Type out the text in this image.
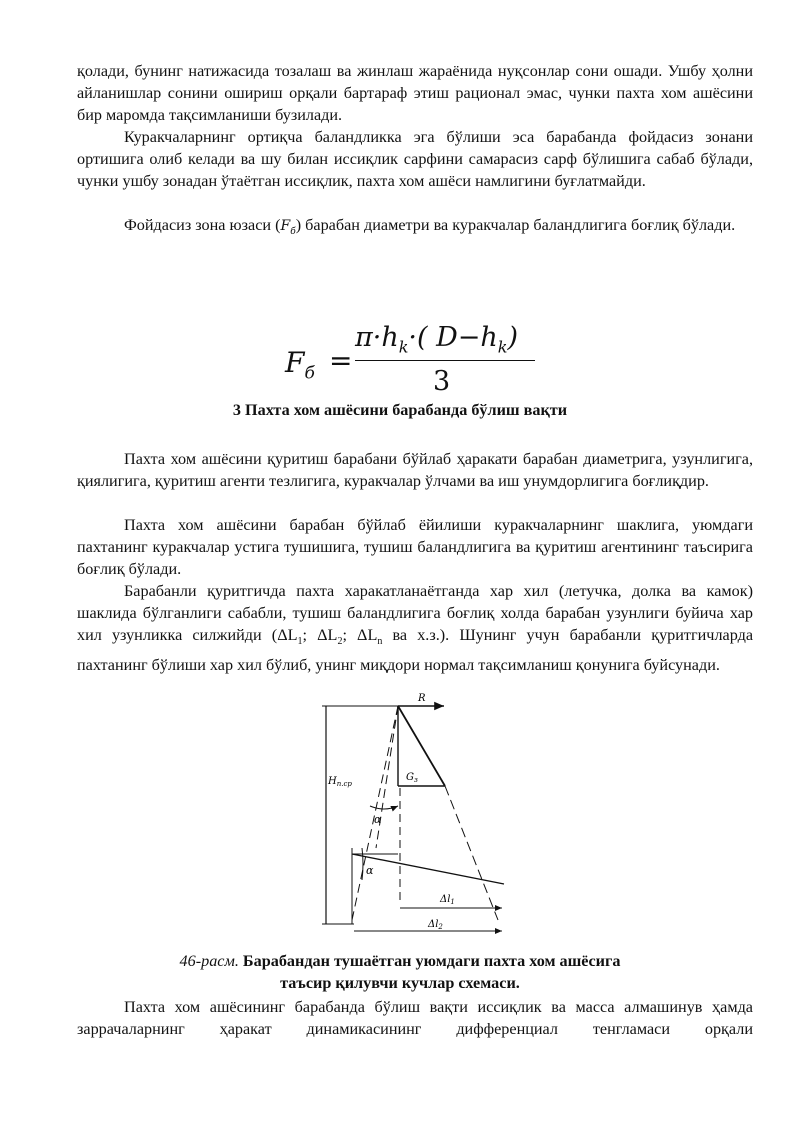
қолади, бунинг натижасида тозалаш ва жинлаш жараёнида нуқсонлар сони ошади. Ушбу ҳолни айланишлар сонини ошириш орқали бартараф этиш рационал эмас, чунки пахта хом ашёсини бир маромда тақсимланиши бузилади.

Куракчаларнинг ортиқча баландликка эга бўлиши эса барабанда фойдасиз зонани ортишига олиб келади ва шу билан иссиқлик сарфини самарасиз сарф бўлишига сабаб бўлади, чунки ушбу зонадан ўтаётган иссиқлик, пахта хом ашёси намлигини буғлатмайди.

Фойдасиз зона юзаси $(F_б)$ барабан диаметри ва куракчалар баландлигига боғлиқ бўлади.

$F_б$ =
$\pi\cdot h_k\cdot$( $D-h_k$)
3

3 Пахта хом ашёсини барабанда бўлиш вақти

Пахта хом ашёсини қуритиш барабани бўйлаб ҳаракати барабан диаметрига, узунлигига, қиялигига, қуритиш агенти тезлигига, куракчалар ўлчами ва иш унумдорлигига боғлиқдир.

Пахта хом ашёсини барабан бўйлаб ёйилиши куракчаларнинг шаклига, уюмдаги пахтанинг куракчалар устига тушишига, тушиш баландлигига ва қуритиш агентининг таъсирига боғлиқ бўлади.

Барабанли қуритгичда пахта харакатланаётганда хар хил (летучка, долка ва камок) шаклида бўлганлиги сабабли, тушиш баландлигига боғлиқ холда барабан узунлиги буйича хар хил узунликка силжийди ($\Delta L_1$; $\Delta L_2$; $\Delta L_n$ ва х.з.). Шунинг учун барабанли қуритгичларда пахтанинг бўлиши хар хил бўлиб, унинг миқдори нормал тақсимланиш қонунига буйсунади.

R
$H_{п.ср}$
$G_з$
α
α
$\Delta l_1$
$\Delta l_2$

46-расм. Барабандан тушаётган уюмдаги пахта хом ашёсига

таъсир қилувчи кучлар схемаси.

Пахта хом ашёсининг барабанда бўлиш вақти иссиқлик ва масса алмашинув ҳамда заррачаларнинг ҳаракат динамикасининг дифференциал тенгламаси орқали
